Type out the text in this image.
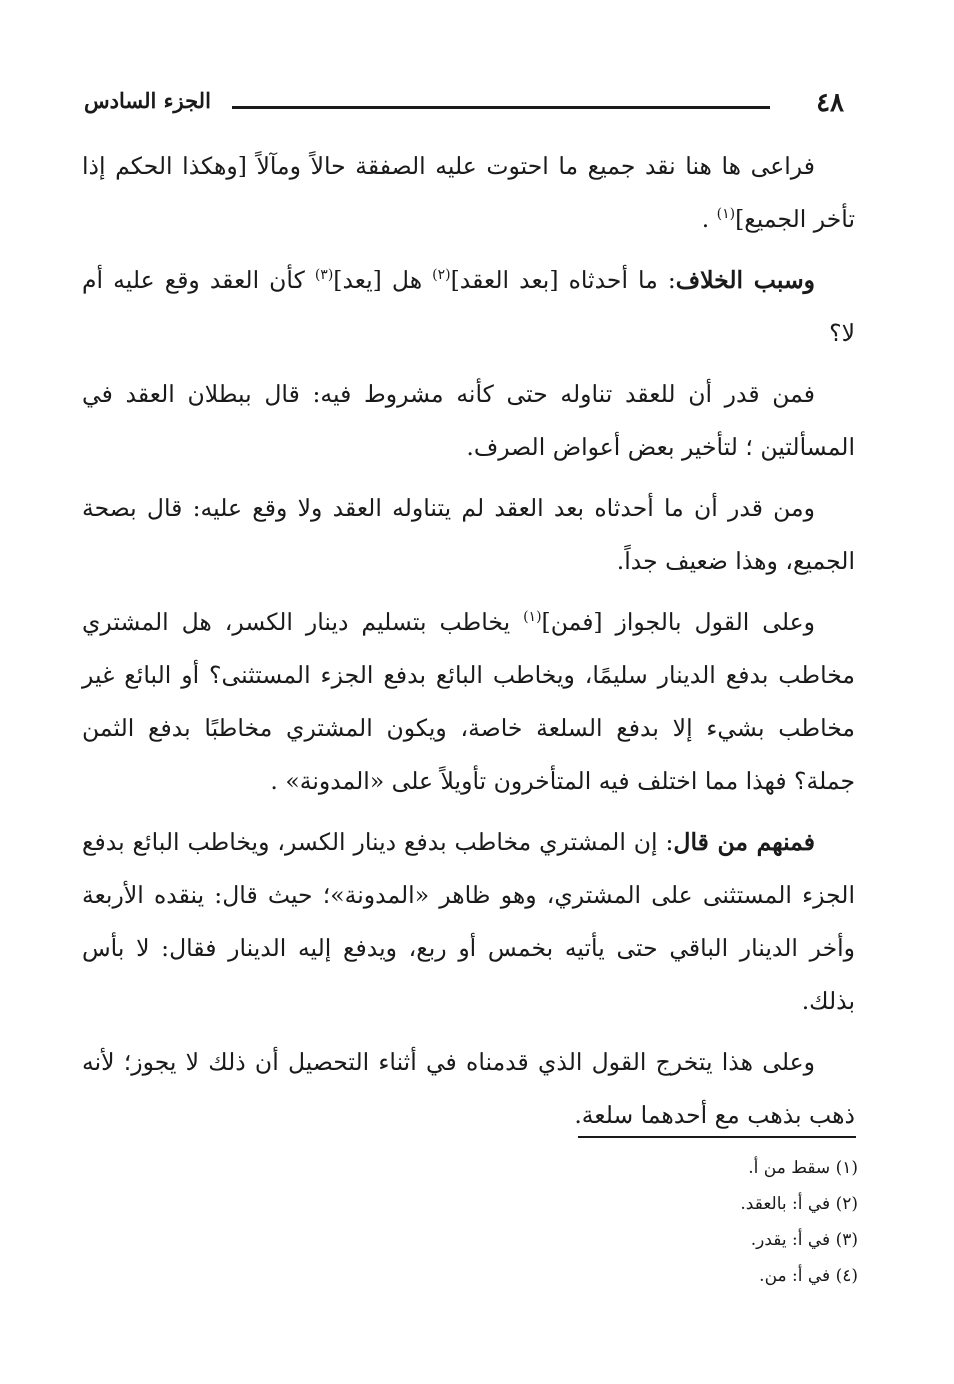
٤٨
الجزء السادس

فراعى ها هنا نقد جميع ما احتوت عليه الصفقة حالاً ومآلاً [وهكذا الحكم إذا تأخر الجميع]$^{(١)}$ .

وسبب الخلاف: ما أحدثاه [بعد العقد]$^{(٢)}$ هل [يعد]$^{(٣)}$ كأن العقد وقع عليه أم لا؟

فمن قدر أن للعقد تناوله حتى كأنه مشروط فيه: قال ببطلان العقد في المسألتين ؛ لتأخير بعض أعواض الصرف.

ومن قدر أن ما أحدثاه بعد العقد لم يتناوله العقد ولا وقع عليه: قال بصحة الجميع، وهذا ضعيف جداً.

وعلى القول بالجواز [فمن]$^{(١)}$ يخاطب بتسليم دينار الكسر، هل المشتري مخاطب بدفع الدينار سليمًا، ويخاطب البائع بدفع الجزء المستثنى؟ أو البائع غير مخاطب بشيء إلا بدفع السلعة خاصة، ويكون المشتري مخاطبًا بدفع الثمن جملة؟ فهذا مما اختلف فيه المتأخرون تأويلاً على «المدونة» .

فمنهم من قال: إن المشتري مخاطب بدفع دينار الكسر، ويخاطب البائع بدفع الجزء المستثنى على المشتري، وهو ظاهر «المدونة»؛ حيث قال: ينقده الأربعة وأخر الدينار الباقي حتى يأتيه بخمس أو ربع، ويدفع إليه الدينار فقال: لا بأس بذلك.

وعلى هذا يتخرج القول الذي قدمناه في أثناء التحصيل أن ذلك لا يجوز؛ لأنه ذهب بذهب مع أحدهما سلعة.

(١) سقط من أ.
(٢) في أ: بالعقد.
(٣) في أ: يقدر.
(٤) في أ: من.
